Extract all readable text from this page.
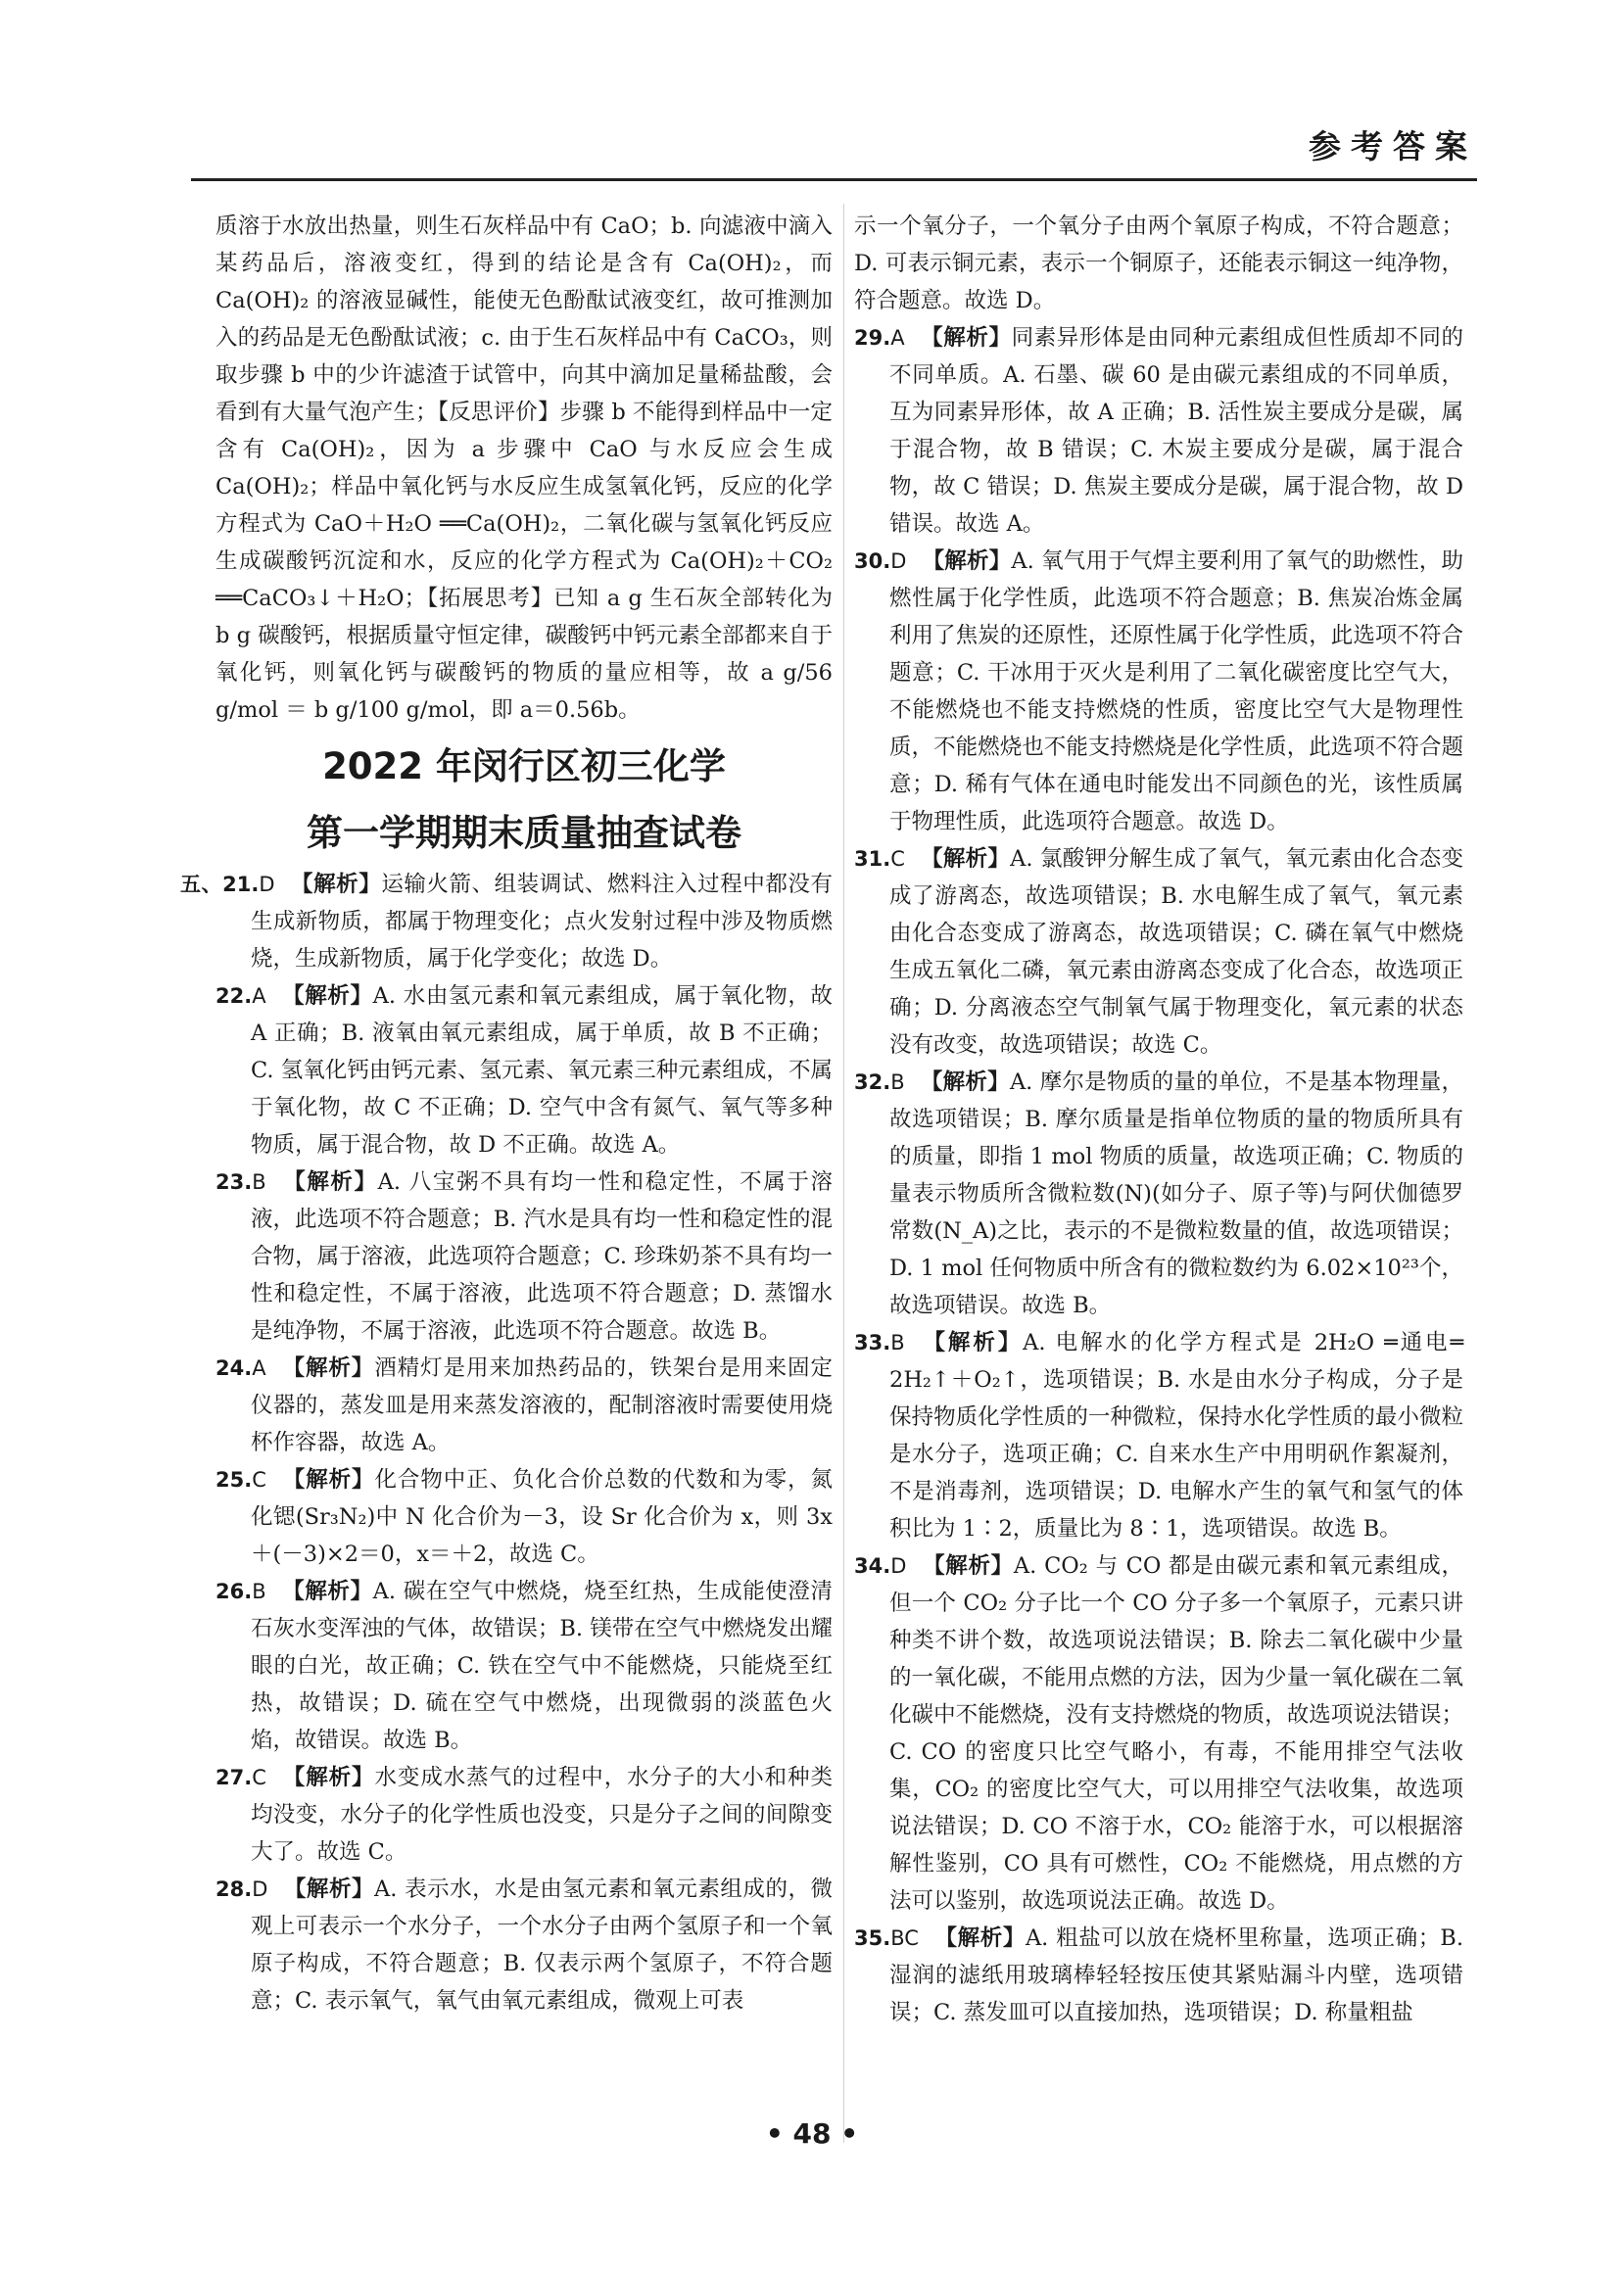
参考答案

质溶于水放出热量，则生石灰样品中有 CaO；b. 向滤液中滴入某药品后，溶液变红，得到的结论是含有 Ca(OH)₂，而 Ca(OH)₂ 的溶液显碱性，能使无色酚酞试液变红，故可推测加入的药品是无色酚酞试液；c. 由于生石灰样品中有 CaCO₃，则取步骤 b 中的少许滤渣于试管中，向其中滴加足量稀盐酸，会看到有大量气泡产生；【反思评价】步骤 b 不能得到样品中一定含有 Ca(OH)₂，因为 a 步骤中 CaO 与水反应会生成 Ca(OH)₂；样品中氧化钙与水反应生成氢氧化钙，反应的化学方程式为 CaO＋H₂O ══Ca(OH)₂，二氧化碳与氢氧化钙反应生成碳酸钙沉淀和水，反应的化学方程式为 Ca(OH)₂＋CO₂ ══CaCO₃↓＋H₂O；【拓展思考】已知 a g 生石灰全部转化为 b g 碳酸钙，根据质量守恒定律，碳酸钙中钙元素全部都来自于氧化钙，则氧化钙与碳酸钙的物质的量应相等，故 a g/56 g/mol ＝ b g/100 g/mol，即 a＝0.56b。

2022 年闵行区初三化学
第一学期期末质量抽查试卷

五、21.D 【解析】运输火箭、组装调试、燃料注入过程中都没有生成新物质，都属于物理变化；点火发射过程中涉及物质燃烧，生成新物质，属于化学变化；故选 D。

22.A 【解析】A. 水由氢元素和氧元素组成，属于氧化物，故 A 正确；B. 液氧由氧元素组成，属于单质，故 B 不正确；C. 氢氧化钙由钙元素、氢元素、氧元素三种元素组成，不属于氧化物，故 C 不正确；D. 空气中含有氮气、氧气等多种物质，属于混合物，故 D 不正确。故选 A。

23.B 【解析】A. 八宝粥不具有均一性和稳定性，不属于溶液，此选项不符合题意；B. 汽水是具有均一性和稳定性的混合物，属于溶液，此选项符合题意；C. 珍珠奶茶不具有均一性和稳定性，不属于溶液，此选项不符合题意；D. 蒸馏水是纯净物，不属于溶液，此选项不符合题意。故选 B。

24.A 【解析】酒精灯是用来加热药品的，铁架台是用来固定仪器的，蒸发皿是用来蒸发溶液的，配制溶液时需要使用烧杯作容器，故选 A。

25.C 【解析】化合物中正、负化合价总数的代数和为零，氮化锶(Sr₃N₂)中 N 化合价为－3，设 Sr 化合价为 x，则 3x＋(－3)×2＝0，x＝＋2，故选 C。

26.B 【解析】A. 碳在空气中燃烧，烧至红热，生成能使澄清石灰水变浑浊的气体，故错误；B. 镁带在空气中燃烧发出耀眼的白光，故正确；C. 铁在空气中不能燃烧，只能烧至红热，故错误；D. 硫在空气中燃烧，出现微弱的淡蓝色火焰，故错误。故选 B。

27.C 【解析】水变成水蒸气的过程中，水分子的大小和种类均没变，水分子的化学性质也没变，只是分子之间的间隙变大了。故选 C。

28.D 【解析】A. 表示水，水是由氢元素和氧元素组成的，微观上可表示一个水分子，一个水分子由两个氢原子和一个氧原子构成，不符合题意；B. 仅表示两个氢原子，不符合题意；C. 表示氧气，氧气由氧元素组成，微观上可表

示一个氧分子，一个氧分子由两个氧原子构成，不符合题意；D. 可表示铜元素，表示一个铜原子，还能表示铜这一纯净物，符合题意。故选 D。

29.A 【解析】同素异形体是由同种元素组成但性质却不同的不同单质。A. 石墨、碳 60 是由碳元素组成的不同单质，互为同素异形体，故 A 正确；B. 活性炭主要成分是碳，属于混合物，故 B 错误；C. 木炭主要成分是碳，属于混合物，故 C 错误；D. 焦炭主要成分是碳，属于混合物，故 D 错误。故选 A。

30.D 【解析】A. 氧气用于气焊主要利用了氧气的助燃性，助燃性属于化学性质，此选项不符合题意；B. 焦炭冶炼金属利用了焦炭的还原性，还原性属于化学性质，此选项不符合题意；C. 干冰用于灭火是利用了二氧化碳密度比空气大，不能燃烧也不能支持燃烧的性质，密度比空气大是物理性质，不能燃烧也不能支持燃烧是化学性质，此选项不符合题意；D. 稀有气体在通电时能发出不同颜色的光，该性质属于物理性质，此选项符合题意。故选 D。

31.C 【解析】A. 氯酸钾分解生成了氧气，氧元素由化合态变成了游离态，故选项错误；B. 水电解生成了氧气，氧元素由化合态变成了游离态，故选项错误；C. 磷在氧气中燃烧生成五氧化二磷，氧元素由游离态变成了化合态，故选项正确；D. 分离液态空气制氧气属于物理变化，氧元素的状态没有改变，故选项错误；故选 C。

32.B 【解析】A. 摩尔是物质的量的单位，不是基本物理量，故选项错误；B. 摩尔质量是指单位物质的量的物质所具有的质量，即指 1 mol 物质的质量，故选项正确；C. 物质的量表示物质所含微粒数(N)(如分子、原子等)与阿伏伽德罗常数(N_A)之比，表示的不是微粒数量的值，故选项错误；D. 1 mol 任何物质中所含有的微粒数约为 6.02×10²³个，故选项错误。故选 B。

33.B 【解析】A. 电解水的化学方程式是 2H₂O ═通电═ 2H₂↑＋O₂↑，选项错误；B. 水是由水分子构成，分子是保持物质化学性质的一种微粒，保持水化学性质的最小微粒是水分子，选项正确；C. 自来水生产中用明矾作絮凝剂，不是消毒剂，选项错误；D. 电解水产生的氧气和氢气的体积比为 1∶2，质量比为 8∶1，选项错误。故选 B。

34.D 【解析】A. CO₂ 与 CO 都是由碳元素和氧元素组成，但一个 CO₂ 分子比一个 CO 分子多一个氧原子，元素只讲种类不讲个数，故选项说法错误；B. 除去二氧化碳中少量的一氧化碳，不能用点燃的方法，因为少量一氧化碳在二氧化碳中不能燃烧，没有支持燃烧的物质，故选项说法错误；C. CO 的密度只比空气略小，有毒，不能用排空气法收集，CO₂ 的密度比空气大，可以用排空气法收集，故选项说法错误；D. CO 不溶于水，CO₂ 能溶于水，可以根据溶解性鉴别，CO 具有可燃性，CO₂ 不能燃烧，用点燃的方法可以鉴别，故选项说法正确。故选 D。

35.BC 【解析】A. 粗盐可以放在烧杯里称量，选项正确；B. 湿润的滤纸用玻璃棒轻轻按压使其紧贴漏斗内壁，选项错误；C. 蒸发皿可以直接加热，选项错误；D. 称量粗盐

• 48 •
